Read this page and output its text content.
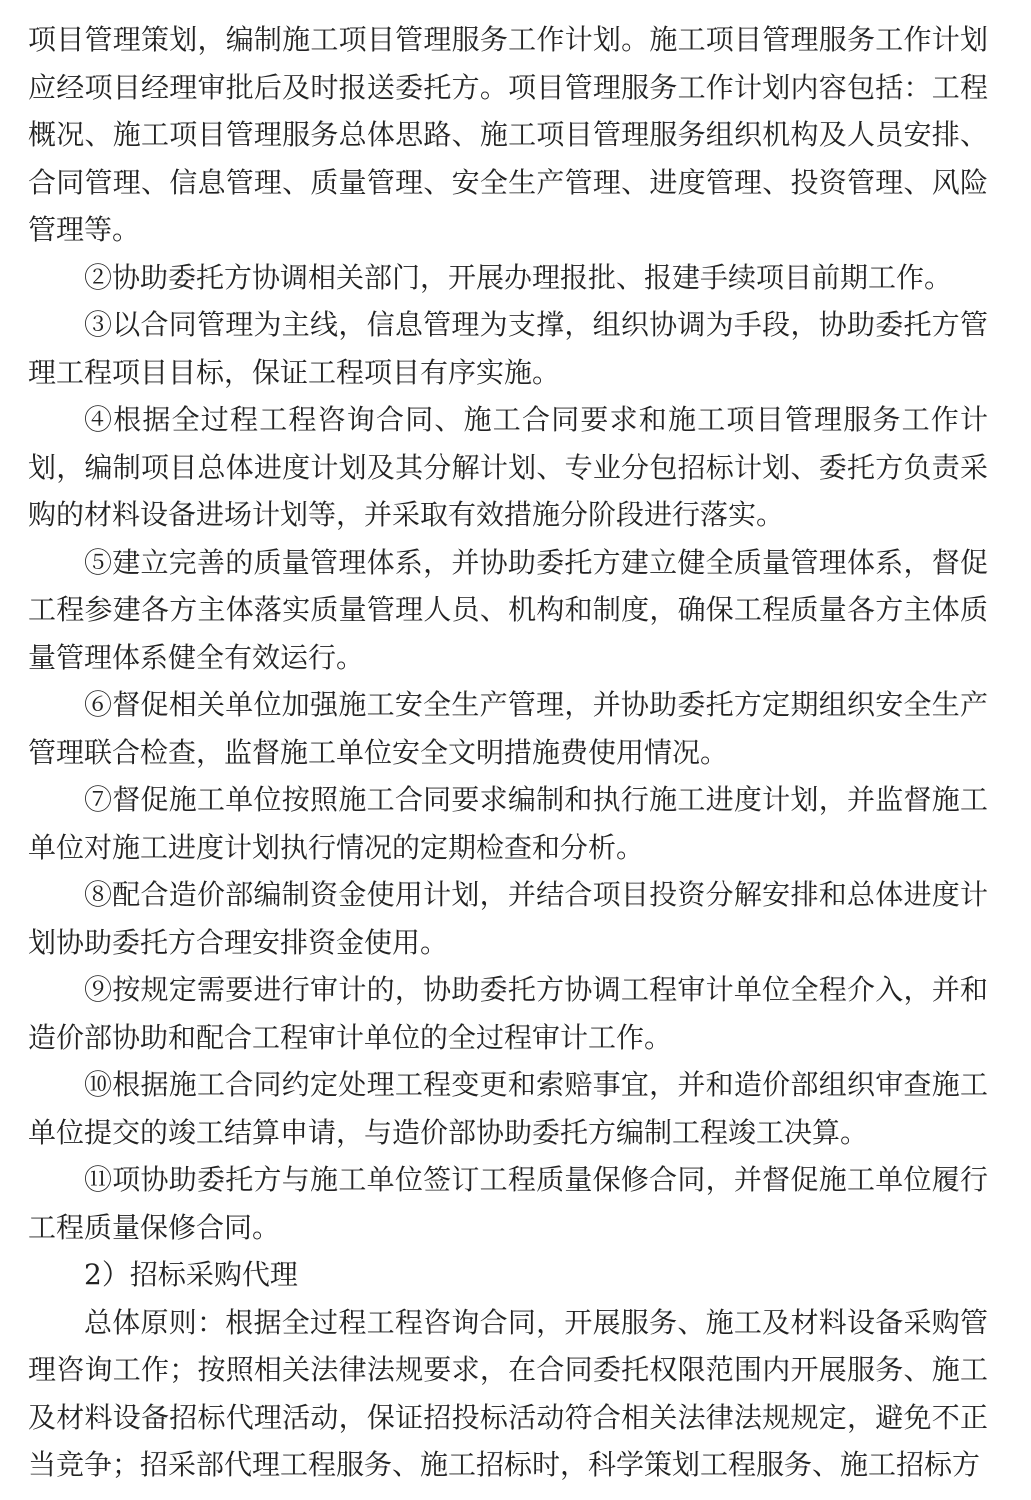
项目管理策划，编制施工项目管理服务工作计划。施工项目管理服务工作计划应经项目经理审批后及时报送委托方。项目管理服务工作计划内容包括：工程概况、施工项目管理服务总体思路、施工项目管理服务组织机构及人员安排、合同管理、信息管理、质量管理、安全生产管理、进度管理、投资管理、风险管理等。

②协助委托方协调相关部门，开展办理报批、报建手续项目前期工作。

③以合同管理为主线，信息管理为支撑，组织协调为手段，协助委托方管理工程项目目标，保证工程项目有序实施。

④根据全过程工程咨询合同、施工合同要求和施工项目管理服务工作计划，编制项目总体进度计划及其分解计划、专业分包招标计划、委托方负责采购的材料设备进场计划等，并采取有效措施分阶段进行落实。

⑤建立完善的质量管理体系，并协助委托方建立健全质量管理体系，督促工程参建各方主体落实质量管理人员、机构和制度，确保工程质量各方主体质量管理体系健全有效运行。

⑥督促相关单位加强施工安全生产管理，并协助委托方定期组织安全生产管理联合检查，监督施工单位安全文明措施费使用情况。

⑦督促施工单位按照施工合同要求编制和执行施工进度计划，并监督施工单位对施工进度计划执行情况的定期检查和分析。

⑧配合造价部编制资金使用计划，并结合项目投资分解安排和总体进度计划协助委托方合理安排资金使用。

⑨按规定需要进行审计的，协助委托方协调工程审计单位全程介入，并和造价部协助和配合工程审计单位的全过程审计工作。

⑩根据施工合同约定处理工程变更和索赔事宜，并和造价部组织审查施工单位提交的竣工结算申请，与造价部协助委托方编制工程竣工决算。

⑪项协助委托方与施工单位签订工程质量保修合同，并督促施工单位履行工程质量保修合同。

2）招标采购代理

总体原则：根据全过程工程咨询合同，开展服务、施工及材料设备采购管理咨询工作；按照相关法律法规要求，在合同委托权限范围内开展服务、施工及材料设备招标代理活动，保证招投标活动符合相关法律法规规定，避免不正当竞争；招采部代理工程服务、施工招标时，科学策划工程服务、施工招标方
